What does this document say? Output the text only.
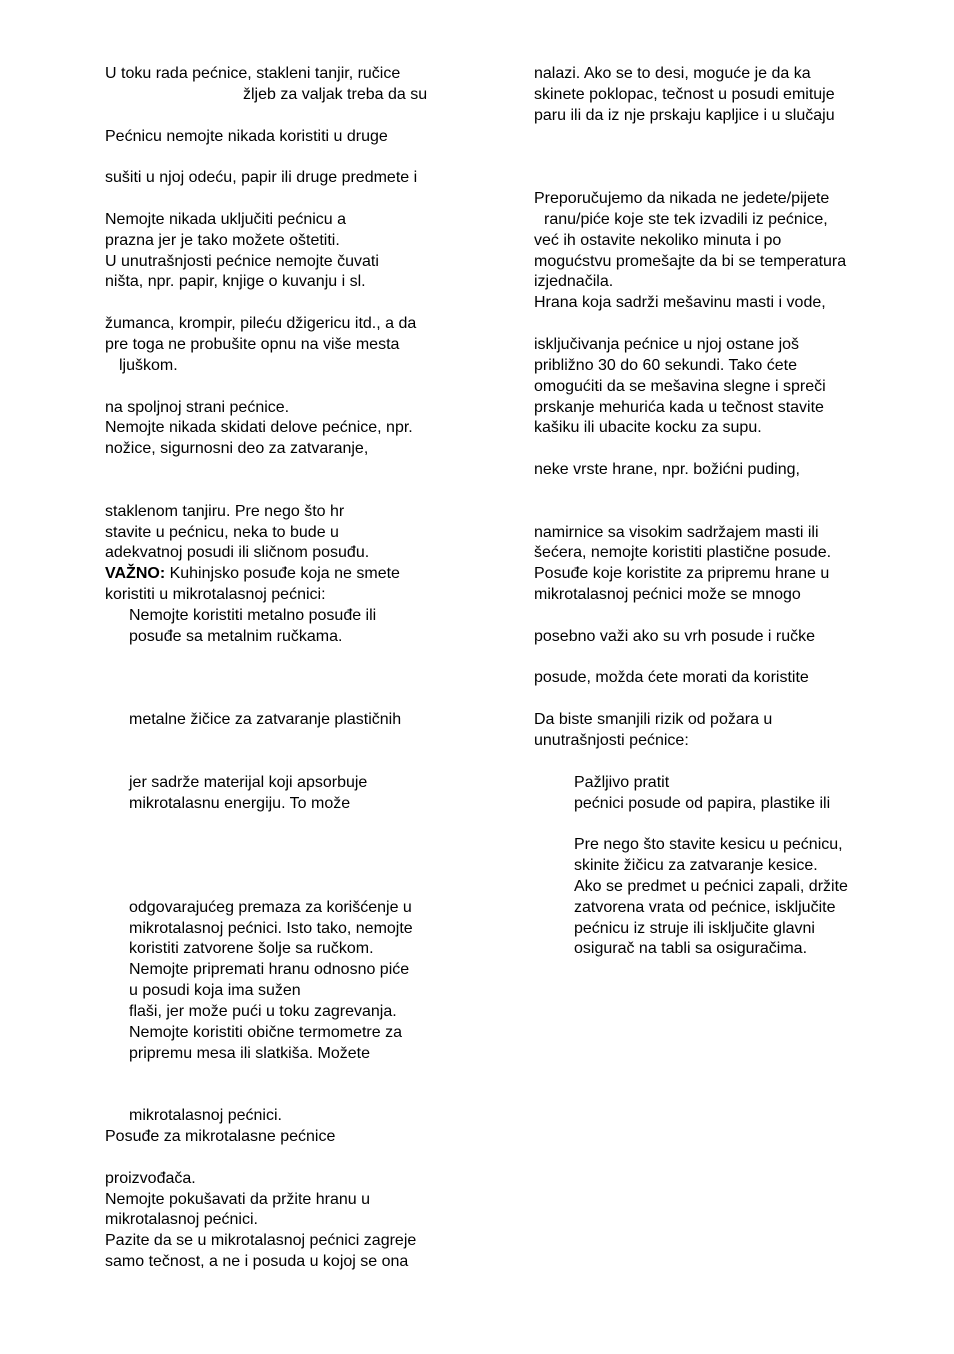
U toku rada pećnice, stakleni tanjir, ručice
žljeb za valjak treba da su
Pećnicu nemojte nikada koristiti u druge
sušiti u njoj odeću, papir ili druge predmete i
Nemojte nikada uključiti pećnicu a
prazna jer je tako možete oštetiti.
U unutrašnjosti pećnice nemojte čuvati
ništa, npr. papir, knjige o kuvanju i sl.
žumanca, krompir, pileću džigericu itd., a da
pre toga ne probušite opnu na više mesta
ljuškom.
na spoljnoj strani pećnice.
Nemojte nikada skidati delove pećnice, npr.
nožice, sigurnosni deo za zatvaranje,
staklenom tanjiru. Pre nego što hr
stavite u pećnicu, neka to bude u
adekvatnoj posudi ili sličnom posuđu.
VAŽNO: Kuhinjsko posuđe koja ne smete
koristiti u mikrotalasnoj pećnici:
Nemojte koristiti metalno posuđe ili
posuđe sa metalnim ručkama.
metalne žičice za zatvaranje plastičnih
jer sadrže materijal koji apsorbuje
mikrotalasnu energiju. To može
odgovarajućeg premaza za korišćenje u
mikrotalasnoj pećnici. Isto tako, nemojte
koristiti zatvorene šolje sa ručkom.
Nemojte pripremati hranu odnosno piće
u posudi koja ima sužen
flaši, jer može pući u toku zagrevanja.
Nemojte koristiti obične termometre za
pripremu mesa ili slatkiša. Možete
mikrotalasnoj pećnici.
Posuđe za mikrotalasne pećnice
proizvođača.
Nemojte pokušavati da pržite hranu u
mikrotalasnoj pećnici.
Pazite da se u mikrotalasnoj pećnici zagreje
samo tečnost, a ne i posuda u kojoj se ona
nalazi. Ako se to desi, moguće je da ka
skinete poklopac, tečnost u posudi emituje
paru ili da iz nje prskaju kapljice i u slučaju
Preporučujemo da nikada ne jedete/pijete
ranu/piće koje ste tek izvadili iz pećnice,
već ih ostavite nekoliko minuta i po
mogućstvu promešajte da bi se temperatura
izjednačila.
Hrana koja sadrži mešavinu masti i vode,
isključivanja pećnice u njoj ostane još
približno 30 do 60 sekundi. Tako ćete
omogućiti da se mešavina slegne i spreči
prskanje mehurića kada u tečnost stavite
kašiku ili ubacite kocku za supu.
neke vrste hrane, npr. božićni puding,
namirnice sa visokim sadržajem masti ili
šećera, nemojte koristiti plastične posude.
Posuđe koje koristite za pripremu hrane u
mikrotalasnoj pećnici može se mnogo
posebno važi ako su vrh posude i ručke
posude, možda ćete morati da koristite
Da biste smanjili rizik od požara u
unutrašnjosti pećnice:
Pažljivo pratit
pećnici posude od papira, plastike ili
Pre nego što stavite kesicu u pećnicu,
skinite žičicu za zatvaranje kesice.
Ako se predmet u pećnici zapali, držite
zatvorena vrata od pećnice, isključite
pećnicu iz struje ili isključite glavni
osigurač na tabli sa osiguračima.
